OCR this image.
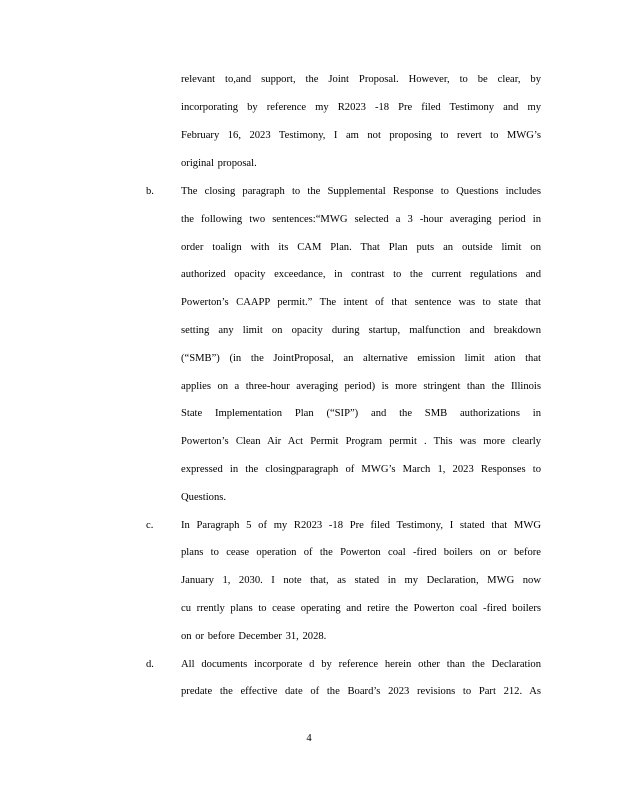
relevant to,and support, the Joint Proposal. However, to be clear, by
incorporating by reference my R2023 -18 Pre filed Testimony and my
February 16, 2023 Testimony, I am not proposing to revert to MWG’s
original proposal.
b.	The closing paragraph to the Supplemental Response to Questions includes
the following two sentences:“MWG selected a 3 -hour averaging period in
order toalign with its CAM Plan. That Plan puts an outside limit on
authorized opacity exceedance, in contrast to the current regulations and
Powerton’s CAAPP permit.” The intent of that sentence was to state that
setting any limit on opacity during startup, malfunction and breakdown
(“SMB”) (in the JointProposal, an alternative emission limit ation that
applies on a three-hour averaging period) is more stringent than the Illinois
State Implementation Plan (“SIP”) and the SMB authorizations in
Powerton’s Clean Air Act Permit Program permit . This was more clearly
expressed in the closingparagraph of MWG’s March 1, 2023 Responses to
Questions.
c.	In Paragraph 5 of my R2023 -18 Pre filed Testimony, I stated that MWG
plans to cease operation of the Powerton coal -fired boilers on or before
January 1, 2030. I note that, as stated in my Declaration, MWG now
cu rrently plans to cease operating and retire the Powerton coal -fired boilers
on or before December 31, 2028.
d.	All documents incorporate d by reference herein other than the Declaration
predate the effective date of the Board’s 2023 revisions to Part 212. As
4
